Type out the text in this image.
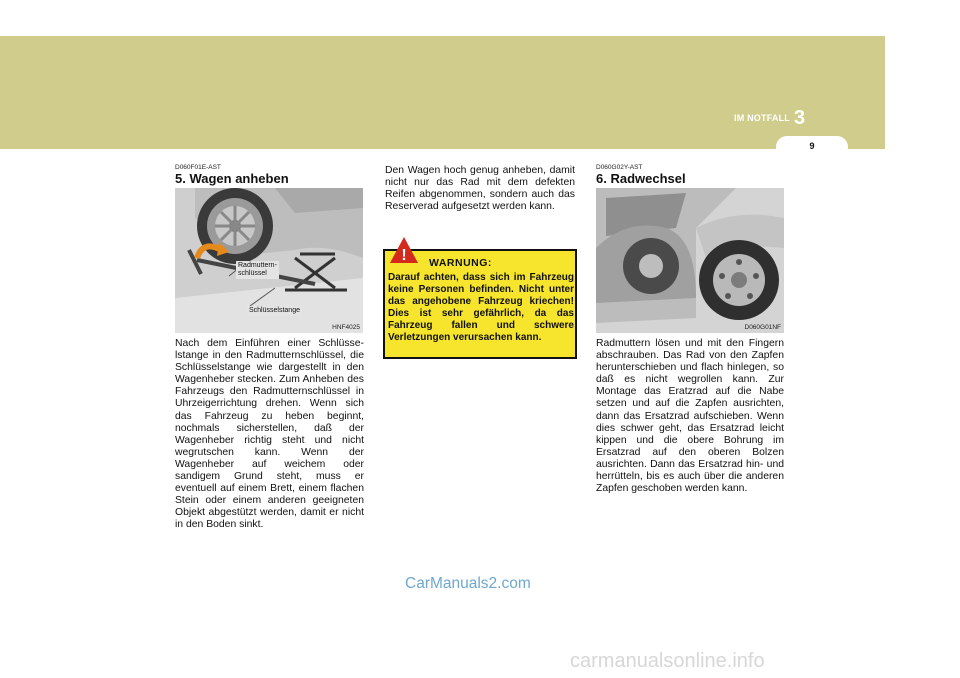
IM NOTFALL 3
9
D060F01E-AST
5. Wagen anheben
Radmuttern-
schlüssel
Schlüsselstange
HNF4025

Nach dem Einführen einer Schlüsse-lstange in den Radmutternschlüssel, die Schlüsselstange wie dargestellt in den Wagenheber stecken. Zum Anheben des Fahrzeugs den Radmutternschlüssel in Uhrzeigerrichtung drehen. Wenn sich das Fahrzeug zu heben beginnt, nochmals sicherstellen, daß der Wagenheber richtig steht und nicht wegrutschen kann. Wenn der Wagenheber auf weichem oder sandigem Grund steht, muss er eventuell auf einem Brett, einem flachen Stein oder einem anderen geeigneten Objekt abgestützt werden, damit er nicht in den Boden sinkt.

Den Wagen hoch genug anheben, damit nicht nur das Rad mit dem defekten Reifen abgenommen, sondern auch das Reserverad aufgesetzt werden kann.

WARNUNG:

Darauf achten, dass sich im Fahrzeug keine Personen befinden. Nicht unter das angehobene Fahrzeug kriechen! Dies ist sehr gefährlich, da das Fahrzeug fallen und schwere Verletzungen verursachen kann.

!
D060G02Y-AST
6. Radwechsel
D060G01NF

Radmuttern lösen und mit den Fingern abschrauben. Das Rad von den Zapfen herunterschieben und flach hinlegen, so daß es nicht wegrollen kann. Zur Montage das Eratzrad auf die Nabe setzen und auf die Zapfen ausrichten, dann das Ersatzrad aufschieben. Wenn dies schwer geht, das Ersatzrad leicht kippen und die obere Bohrung im Ersatzrad auf den oberen Bolzen ausrichten. Dann das Ersatzrad hin- und herrütteln, bis es auch über die anderen Zapfen geschoben werden kann.

CarManuals2.com
carmanualsonline.info
